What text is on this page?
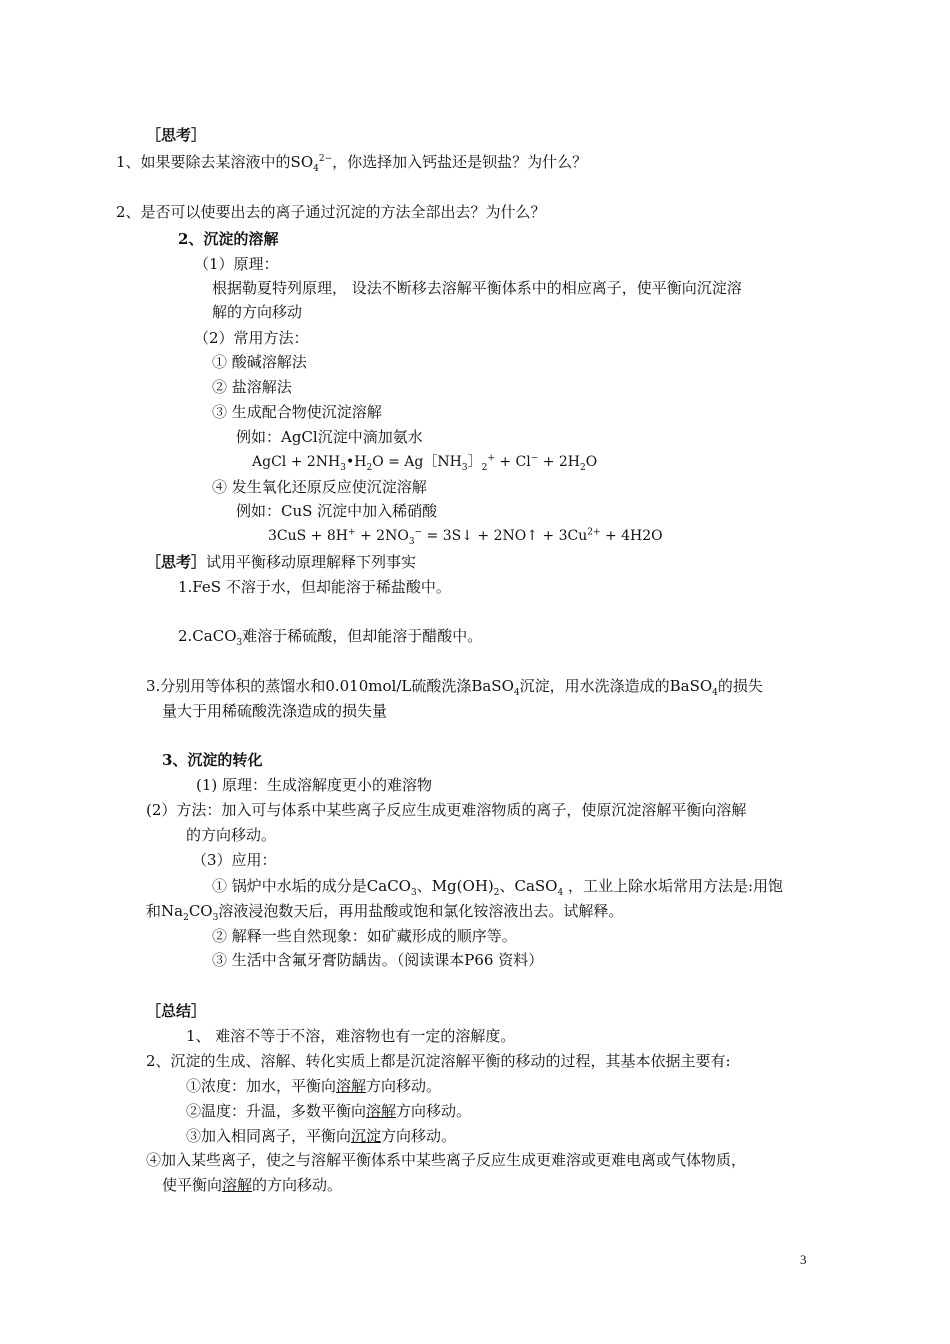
［思考］
1、如果要除去某溶液中的$SO_4^{2-}$，你选择加入钙盐还是钡盐？为什么？
2、是否可以使要出去的离子通过沉淀的方法全部出去？为什么？
2、沉淀的溶解
（1）原理：
根据勒夏特列原理， 设法不断移去溶解平衡体系中的相应离子，使平衡向沉淀溶
解的方向移动
（2）常用方法：
① 酸碱溶解法
② 盐溶解法
③ 生成配合物使沉淀溶解
例如：AgCl沉淀中滴加氨水
AgCl + $2NH_3•H_2O$ = $Ag[NH_3]_2^+ + Cl^- + 2H_2O$
④ 发生氧化还原反应使沉淀溶解
例如：CuS 沉淀中加入稀硝酸
$3CuS + 8H^+ + 2NO_3^-$ = 3S↓ + 2NO↑ + $3Cu^{2+} + 4H2O$
［思考］试用平衡移动原理解释下列事实
1.FeS 不溶于水，但却能溶于稀盐酸中。
2.CaCO$_3$难溶于稀硫酸，但却能溶于醋酸中。
3.分别用等体积的蒸馏水和0.010mol/L硫酸洗涤BaSO$_4$沉淀，用水洗涤造成的BaSO$_4$的损失
量大于用稀硫酸洗涤造成的损失量
3、沉淀的转化
(1) 原理：生成溶解度更小的难溶物
(2）方法：加入可与体系中某些离子反应生成更难溶物质的离子，使原沉淀溶解平衡向溶解
的方向移动。
（3）应用：
① 锅炉中水垢的成分是CaCO$_3$、$Mg(OH)_2$、CaSO$_4$ ，工业上除水垢常用方法是:用饱
和$Na_2CO_3$溶液浸泡数天后，再用盐酸或饱和氯化铵溶液出去。试解释。
② 解释一些自然现象：如矿藏形成的顺序等。
③ 生活中含氟牙膏防龋齿。（阅读课本P66 资料）
［总结］
1、 难溶不等于不溶，难溶物也有一定的溶解度。
2、沉淀的生成、溶解、转化实质上都是沉淀溶解平衡的移动的过程，其基本依据主要有:
①浓度：加水，平衡向溶解方向移动。
②温度：升温，多数平衡向溶解方向移动。
③加入相同离子，平衡向沉淀方向移动。
④加入某些离子，使之与溶解平衡体系中某些离子反应生成更难溶或更难电离或气体物质，
使平衡向溶解的方向移动。
3
